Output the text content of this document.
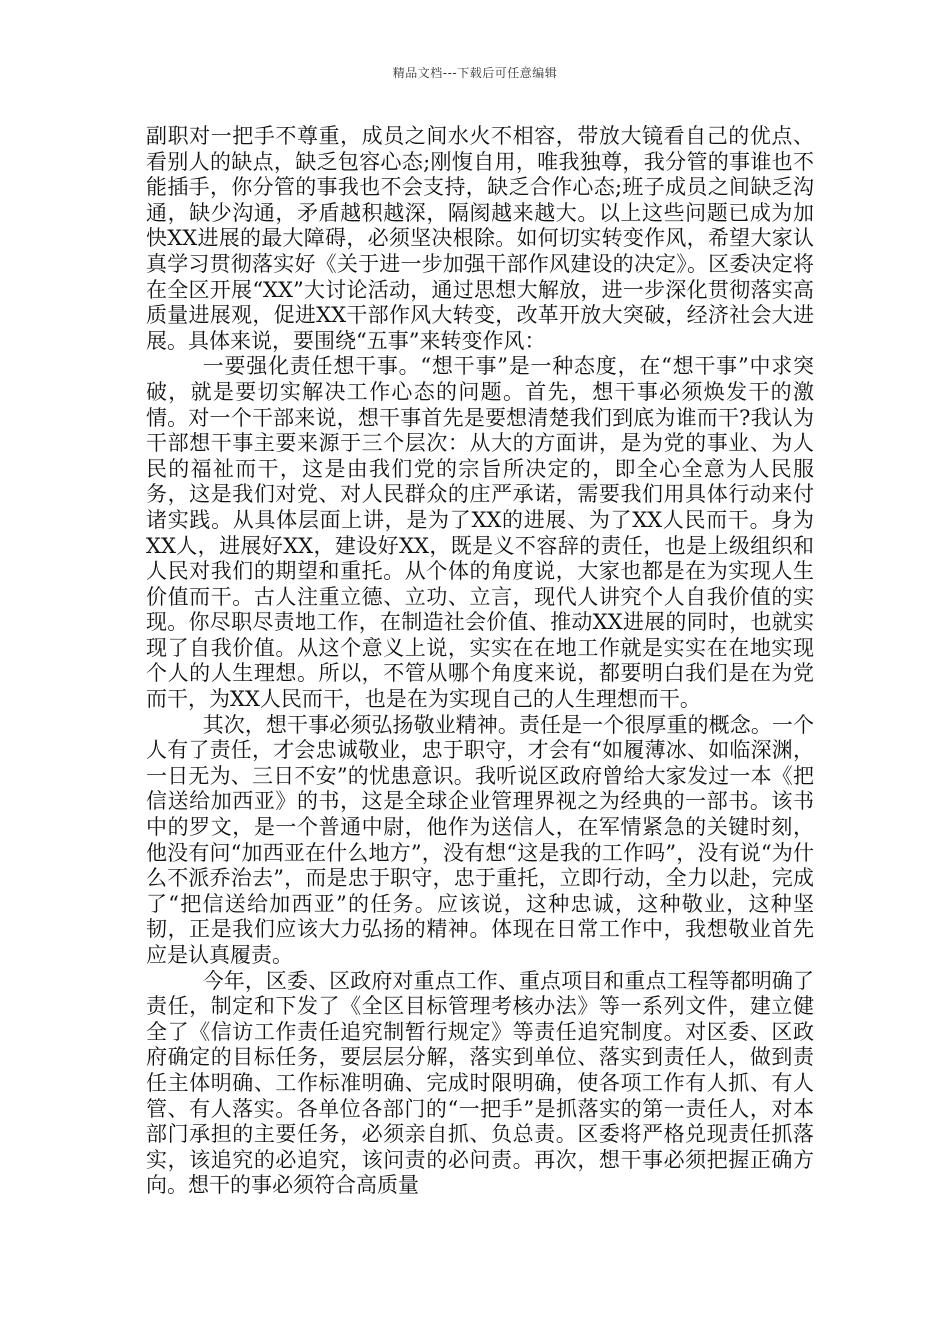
精品文档---下载后可任意编辑

副职对一把手不尊重，成员之间水火不相容，带放大镜看自己的优点、看别人的缺点，缺乏包容心态;刚愎自用，唯我独尊，我分管的事谁也不能插手，你分管的事我也不会支持，缺乏合作心态;班子成员之间缺乏沟通，缺少沟通，矛盾越积越深，隔阂越来越大。以上这些问题已成为加快XX进展的最大障碍，必须坚决根除。如何切实转变作风，希望大家认真学习贯彻落实好《关于进一步加强干部作风建设的决定》。区委决定将在全区开展“XX”大讨论活动，通过思想大解放，进一步深化贯彻落实高质量进展观，促进XX干部作风大转变，改革开放大突破，经济社会大进展。具体来说，要围绕“五事”来转变作风：

一要强化责任想干事。“想干事”是一种态度，在“想干事”中求突破，就是要切实解决工作心态的问题。首先，想干事必须焕发干的激情。对一个干部来说，想干事首先是要想清楚我们到底为谁而干?我认为干部想干事主要来源于三个层次：从大的方面讲，是为党的事业、为人民的福祉而干，这是由我们党的宗旨所决定的，即全心全意为人民服务，这是我们对党、对人民群众的庄严承诺，需要我们用具体行动来付诸实践。从具体层面上讲，是为了XX的进展、为了XX人民而干。身为XX人，进展好XX，建设好XX，既是义不容辞的责任，也是上级组织和人民对我们的期望和重托。从个体的角度说，大家也都是在为实现人生价值而干。古人注重立德、立功、立言，现代人讲究个人自我价值的实现。你尽职尽责地工作，在制造社会价值、推动XX进展的同时，也就实现了自我价值。从这个意义上说，实实在在地工作就是实实在在地实现个人的人生理想。所以，不管从哪个角度来说，都要明白我们是在为党而干，为XX人民而干，也是在为实现自己的人生理想而干。

其次，想干事必须弘扬敬业精神。责任是一个很厚重的概念。一个人有了责任，才会忠诚敬业，忠于职守，才会有“如履薄冰、如临深渊，一日无为、三日不安”的忧患意识。我听说区政府曾给大家发过一本《把信送给加西亚》的书，这是全球企业管理界视之为经典的一部书。该书中的罗文，是一个普通中尉，他作为送信人，在军情紧急的关键时刻，他没有问“加西亚在什么地方”，没有想“这是我的工作吗”，没有说“为什么不派乔治去”，而是忠于职守，忠于重托，立即行动，全力以赴，完成了“把信送给加西亚”的任务。应该说，这种忠诚，这种敬业，这种坚韧，正是我们应该大力弘扬的精神。体现在日常工作中，我想敬业首先应是认真履责。

今年，区委、区政府对重点工作、重点项目和重点工程等都明确了责任，制定和下发了《全区目标管理考核办法》等一系列文件，建立健全了《信访工作责任追究制暂行规定》等责任追究制度。对区委、区政府确定的目标任务，要层层分解，落实到单位、落实到责任人，做到责任主体明确、工作标准明确、完成时限明确，使各项工作有人抓、有人管、有人落实。各单位各部门的“一把手”是抓落实的第一责任人，对本部门承担的主要任务，必须亲自抓、负总责。区委将严格兑现责任抓落实，该追究的必追究，该问责的必问责。再次，想干事必须把握正确方向。想干的事必须符合高质量
